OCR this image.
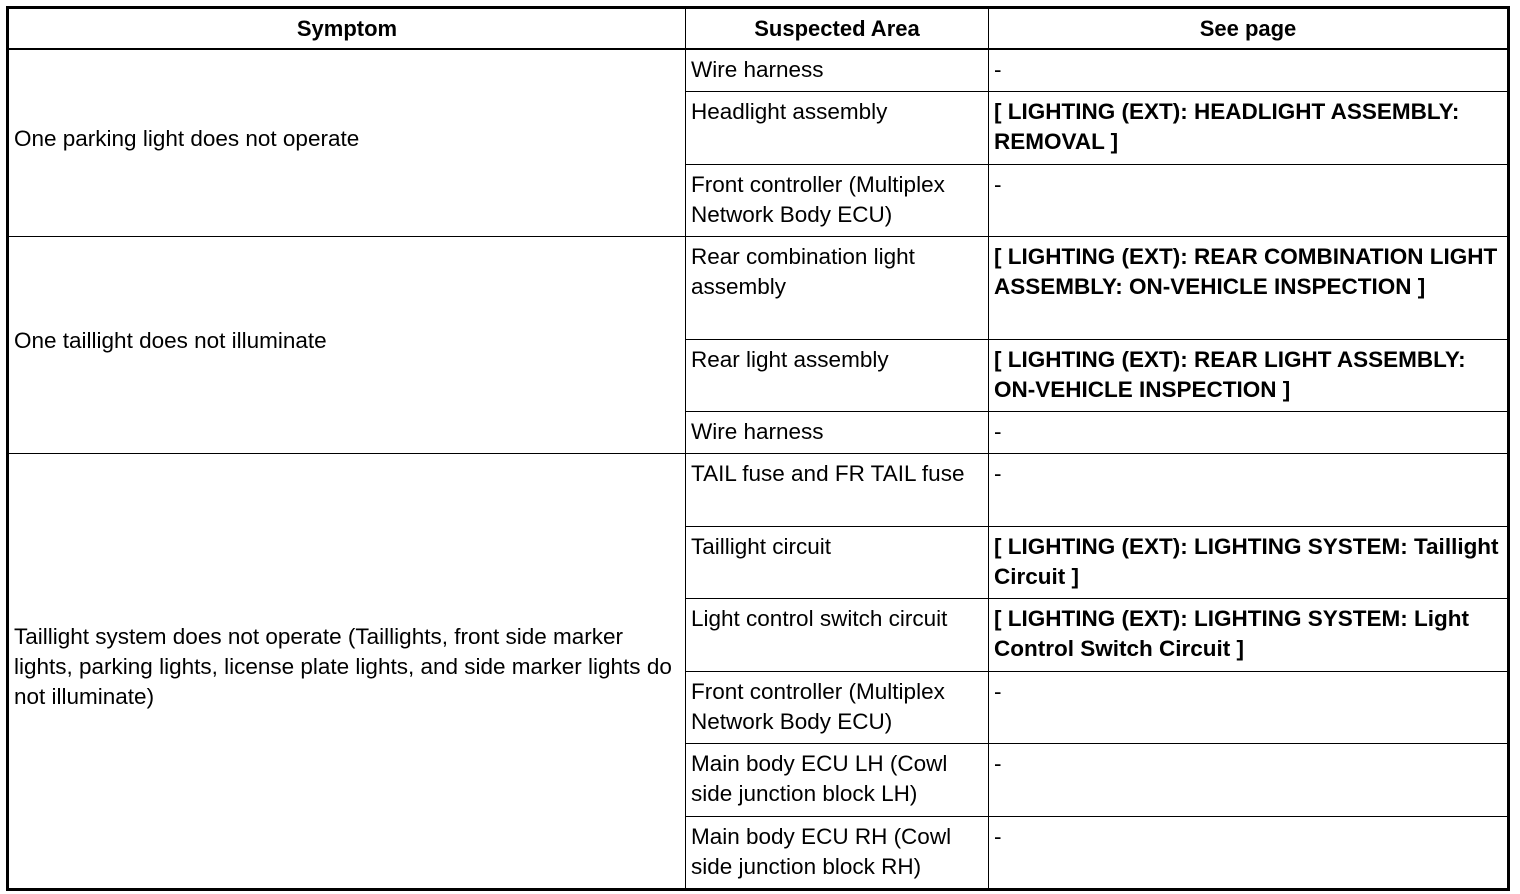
Symptom	Suspected Area	See page
One parking light does not operate	Wire harness	-
	Headlight assembly	[ LIGHTING (EXT): HEADLIGHT ASSEMBLY: REMOVAL ]
	Front controller (Multiplex Network Body ECU)	-
One taillight does not illuminate	Rear combination light assembly	[ LIGHTING (EXT): REAR COMBINATION LIGHT ASSEMBLY: ON-VEHICLE INSPECTION ]
	Rear light assembly	[ LIGHTING (EXT): REAR LIGHT ASSEMBLY: ON-VEHICLE INSPECTION ]
	Wire harness	-
Taillight system does not operate (Taillights, front side marker lights, parking lights, license plate lights, and side marker lights do not illuminate)	TAIL fuse and FR TAIL fuse	-
	Taillight circuit	[ LIGHTING (EXT): LIGHTING SYSTEM: Taillight Circuit ]
	Light control switch circuit	[ LIGHTING (EXT): LIGHTING SYSTEM: Light Control Switch Circuit ]
	Front controller (Multiplex Network Body ECU)	-
	Main body ECU LH (Cowl side junction block LH)	-
	Main body ECU RH (Cowl side junction block RH)	-
